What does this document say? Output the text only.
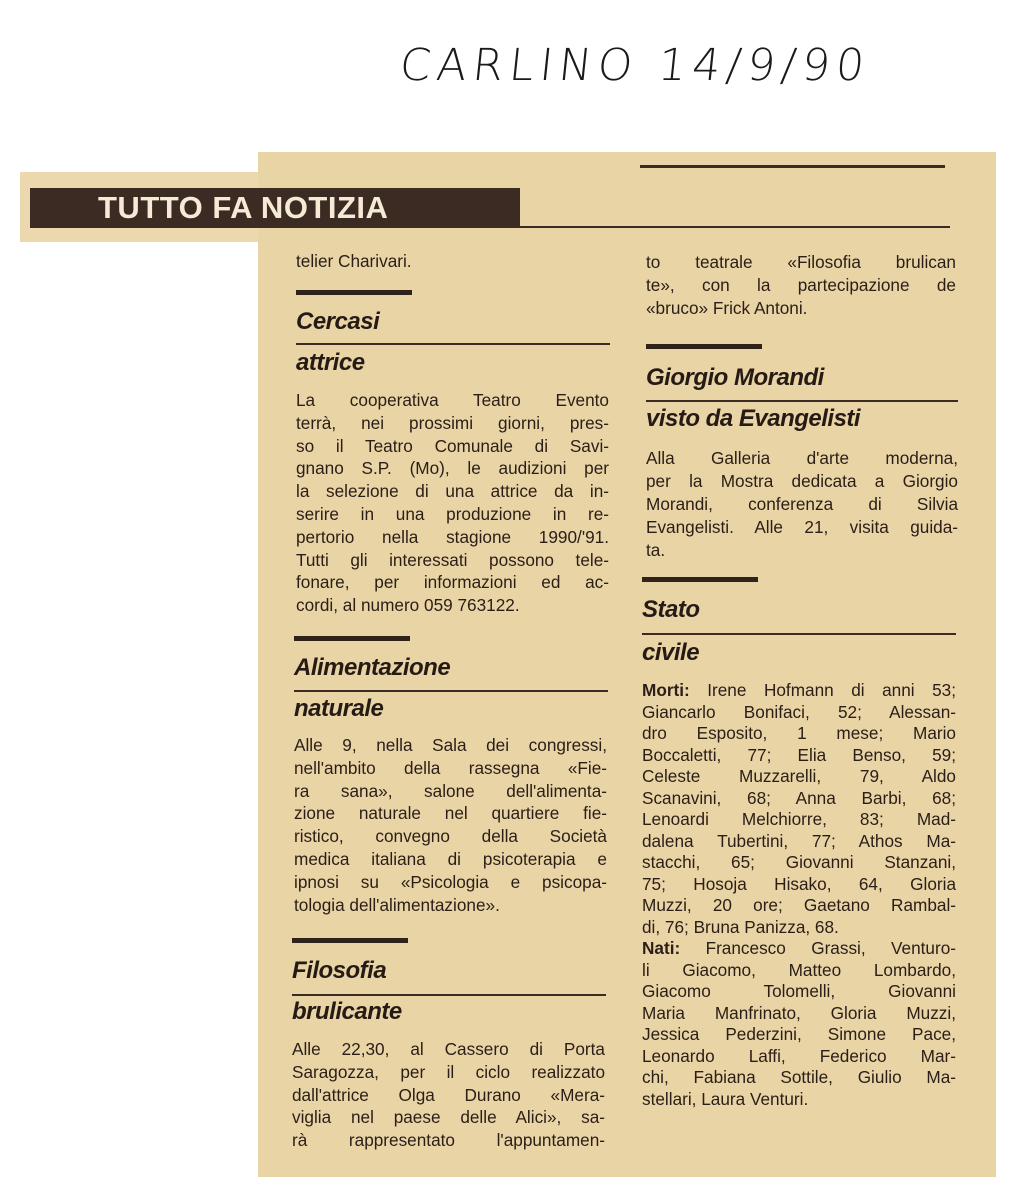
CARLINO 14/9/90
TUTTO FA NOTIZIA
telier Charivari.
Cercasi
attrice
La cooperativa Teatro Evento
terrà, nei prossimi giorni, pres-
so il Teatro Comunale di Savi-
gnano S.P. (Mo), le audizioni per
la selezione di una attrice da in-
serire in una produzione in re-
pertorio nella stagione 1990/'91.
Tutti gli interessati possono tele-
fonare, per informazioni ed ac-
cordi, al numero 059 763122.
Alimentazione
naturale
Alle 9, nella Sala dei congressi,
nell'ambito della rassegna «Fie-
ra sana», salone dell'alimenta-
zione naturale nel quartiere fie-
ristico, convegno della Società
medica italiana di psicoterapia e
ipnosi su «Psicologia e psicopa-
tologia dell'alimentazione».
Filosofia
brulicante
Alle 22,30, al Cassero di Porta
Saragozza, per il ciclo realizzato
dall'attrice Olga Durano «Mera-
viglia nel paese delle Alici», sa-
rà rappresentato l'appuntamen-
to teatrale «Filosofia brulican
te», con la partecipazione de
«bruco» Frick Antoni.
Giorgio Morandi
visto da Evangelisti
Alla Galleria d'arte moderna,
per la Mostra dedicata a Giorgio
Morandi, conferenza di Silvia
Evangelisti. Alle 21, visita guida-
ta.
Stato
civile
Morti: Irene Hofmann di anni 53;
Giancarlo Bonifaci, 52; Alessan-
dro Esposito, 1 mese; Mario
Boccaletti, 77; Elia Benso, 59;
Celeste Muzzarelli, 79, Aldo
Scanavini, 68; Anna Barbi, 68;
Lenoardi Melchiorre, 83; Mad-
dalena Tubertini, 77; Athos Ma-
stacchi, 65; Giovanni Stanzani,
75; Hosoja Hisako, 64, Gloria
Muzzi, 20 ore; Gaetano Rambal-
di, 76; Bruna Panizza, 68.
Nati: Francesco Grassi, Venturo-
li Giacomo, Matteo Lombardo,
Giacomo Tolomelli, Giovanni
Maria Manfrinato, Gloria Muzzi,
Jessica Pederzini, Simone Pace,
Leonardo Laffi, Federico Mar-
chi, Fabiana Sottile, Giulio Ma-
stellari, Laura Venturi.
